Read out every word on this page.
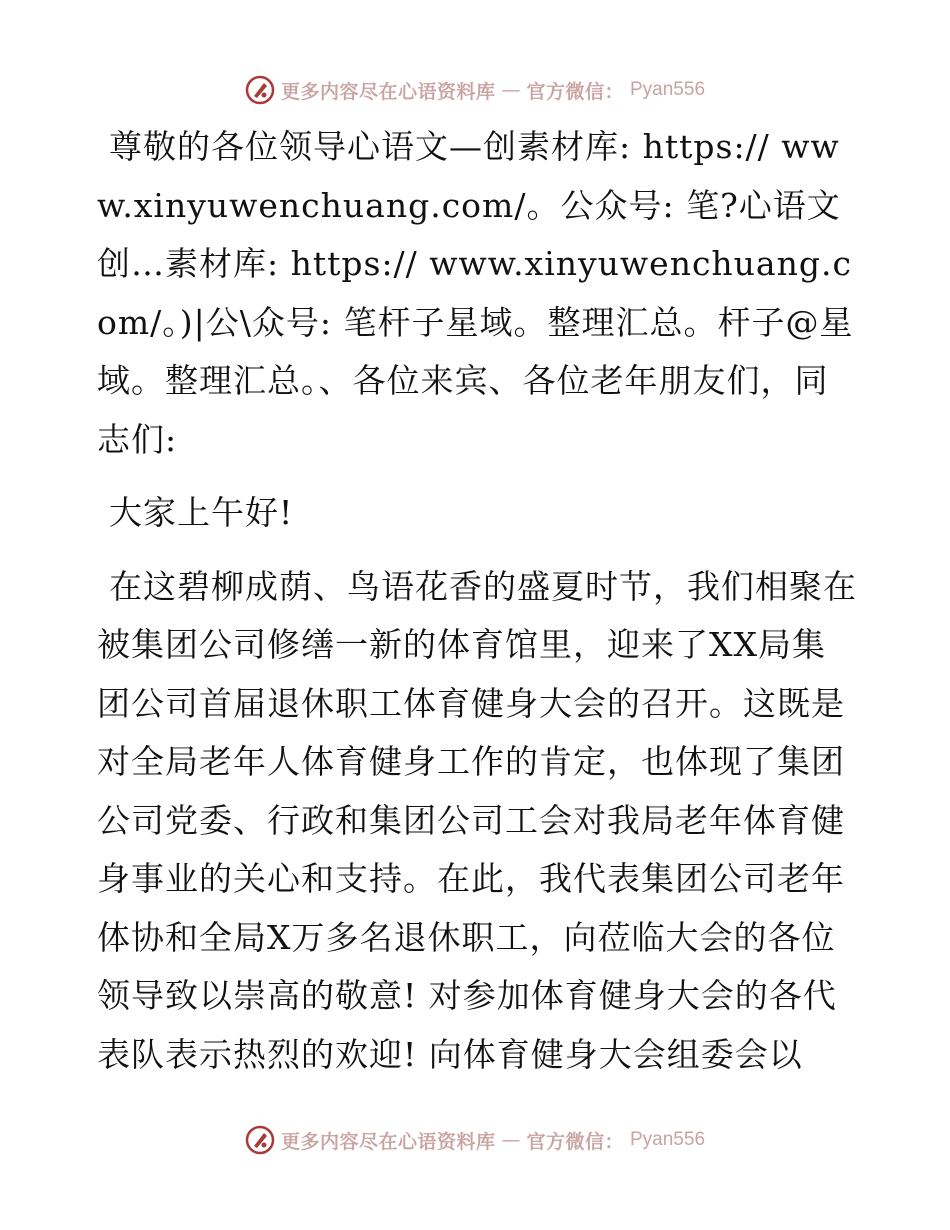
更多内容尽在心语资料库 — 官方微信： Pyan556

尊敬的各位领导心语文—创素材库: https:// www.xinyuwenchuang.com/。公众号: 笔?心语文创…素材库: https:// www.xinyuwenchuang.com/。)|公\众号: 笔杆子星域。整理汇总。杆子@星域。整理汇总。、各位来宾、各位老年朋友们，同志们:

大家上午好!

在这碧柳成荫、鸟语花香的盛夏时节，我们相聚在被集团公司修缮一新的体育馆里，迎来了XX局集团公司首届退休职工体育健身大会的召开。这既是对全局老年人体育健身工作的肯定，也体现了集团公司党委、行政和集团公司工会对我局老年体育健身事业的关心和支持。在此，我代表集团公司老年体协和全局X万多名退休职工，向莅临大会的各位领导致以崇高的敬意! 对参加体育健身大会的各代表队表示热烈的欢迎! 向体育健身大会组委会以

更多内容尽在心语资料库 — 官方微信： Pyan556
